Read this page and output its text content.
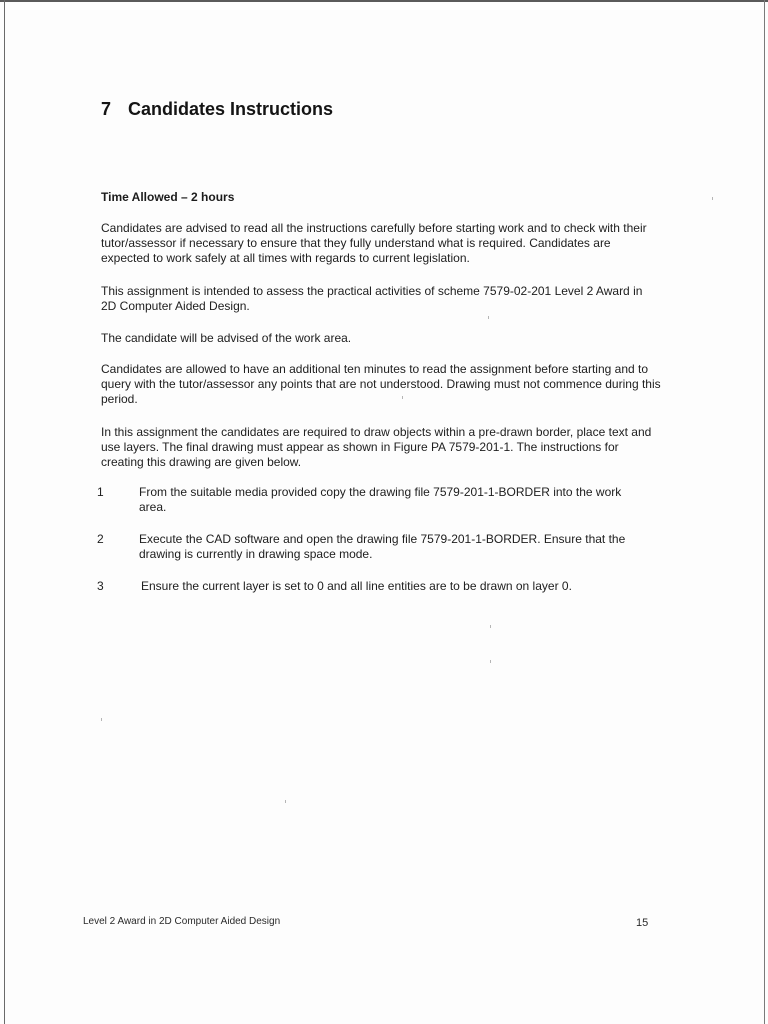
7 Candidates Instructions
Time Allowed – 2 hours

Candidates are advised to read all the instructions carefully before starting work and to check with their tutor/assessor if necessary to ensure that they fully understand what is required. Candidates are expected to work safely at all times with regards to current legislation.

This assignment is intended to assess the practical activities of scheme 7579-02-201 Level 2 Award in 2D Computer Aided Design.

The candidate will be advised of the work area.

Candidates are allowed to have an additional ten minutes to read the assignment before starting and to query with the tutor/assessor any points that are not understood. Drawing must not commence during this period.

In this assignment the candidates are required to draw objects within a pre-drawn border, place text and use layers. The final drawing must appear as shown in Figure PA 7579-201-1. The instructions for creating this drawing are given below.

1	From the suitable media provided copy the drawing file 7579-201-1-BORDER into the work area.

2	Execute the CAD software and open the drawing file 7579-201-1-BORDER. Ensure that the drawing is currently in drawing space mode.

3	Ensure the current layer is set to 0 and all line entities are to be drawn on layer 0.

Level 2 Award in 2D Computer Aided Design	15
